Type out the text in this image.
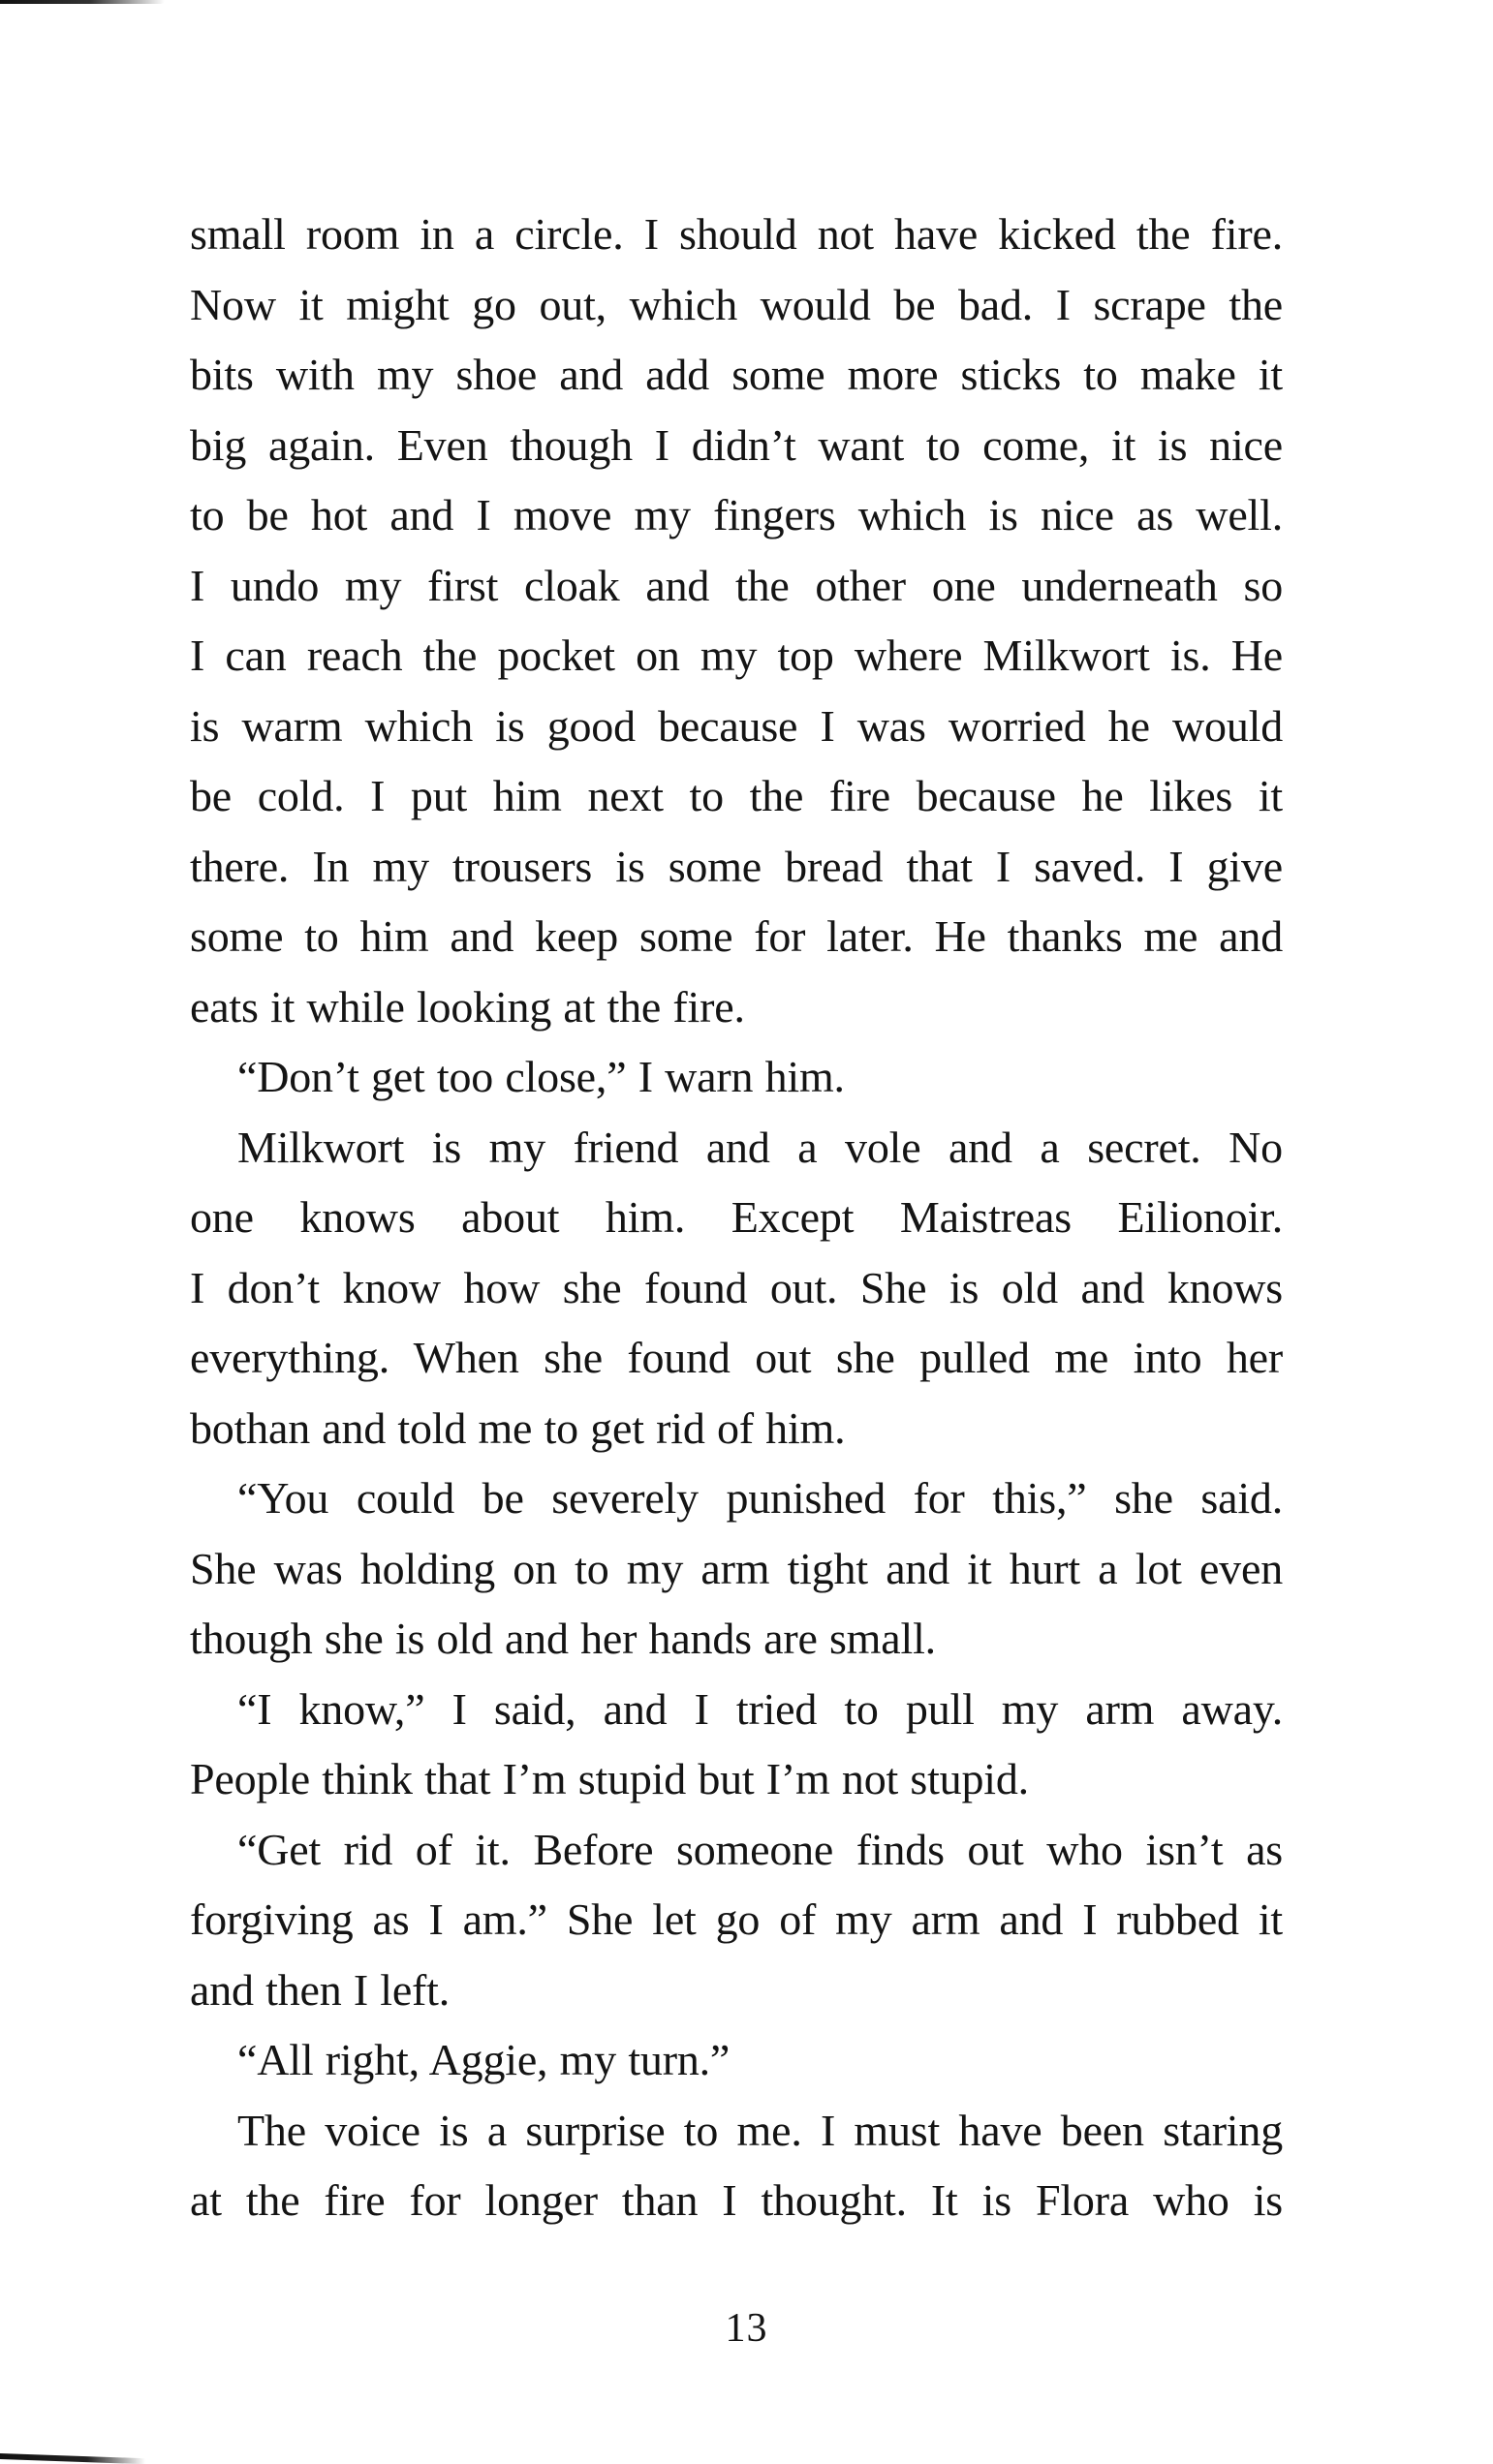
small room in a circle. I should not have kicked the fire.
Now it might go out, which would be bad. I scrape the
bits with my shoe and add some more sticks to make it
big again. Even though I didn’t want to come, it is nice
to be hot and I move my fingers which is nice as well.
I undo my first cloak and the other one underneath so
I can reach the pocket on my top where Milkwort is. He
is warm which is good because I was worried he would
be cold. I put him next to the fire because he likes it
there. In my trousers is some bread that I saved. I give
some to him and keep some for later. He thanks me and
eats it while looking at the fire.
“Don’t get too close,” I warn him.
Milkwort is my friend and a vole and a secret. No
one knows about him. Except Maistreas Eilionoir.
I don’t know how she found out. She is old and knows
everything. When she found out she pulled me into her
bothan and told me to get rid of him.
“You could be severely punished for this,” she said.
She was holding on to my arm tight and it hurt a lot even
though she is old and her hands are small.
“I know,” I said, and I tried to pull my arm away.
People think that I’m stupid but I’m not stupid.
“Get rid of it. Before someone finds out who isn’t as
forgiving as I am.” She let go of my arm and I rubbed it
and then I left.
“All right, Aggie, my turn.”
The voice is a surprise to me. I must have been staring
at the fire for longer than I thought. It is Flora who is
13
